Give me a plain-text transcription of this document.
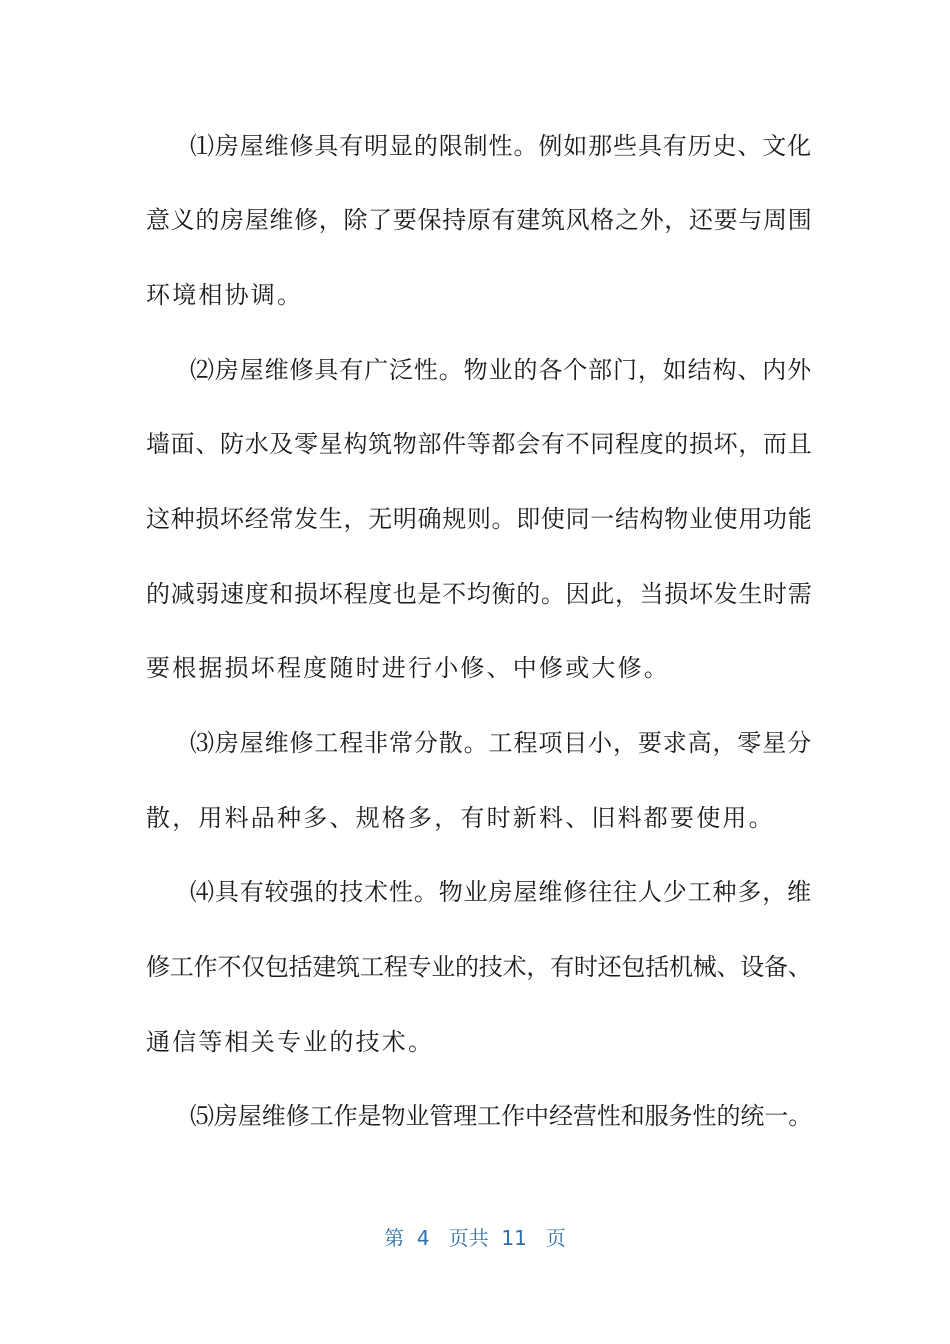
⑴房屋维修具有明显的限制性。例如那些具有历史、文化
意义的房屋维修，除了要保持原有建筑风格之外，还要与周围
环境相协调。
⑵房屋维修具有广泛性。物业的各个部门，如结构、内外
墙面、防水及零星构筑物部件等都会有不同程度的损坏，而且
这种损坏经常发生，无明确规则。即使同一结构物业使用功能
的减弱速度和损坏程度也是不均衡的。因此，当损坏发生时需
要根据损坏程度随时进行小修、中修或大修。
⑶房屋维修工程非常分散。工程项目小，要求高，零星分
散，用料品种多、规格多，有时新料、旧料都要使用。
⑷具有较强的技术性。物业房屋维修往往人少工种多，维
修工作不仅包括建筑工程专业的技术，有时还包括机械、设备、
通信等相关专业的技术。
⑸房屋维修工作是物业管理工作中经营性和服务性的统一。
第  4   页共  11   页
